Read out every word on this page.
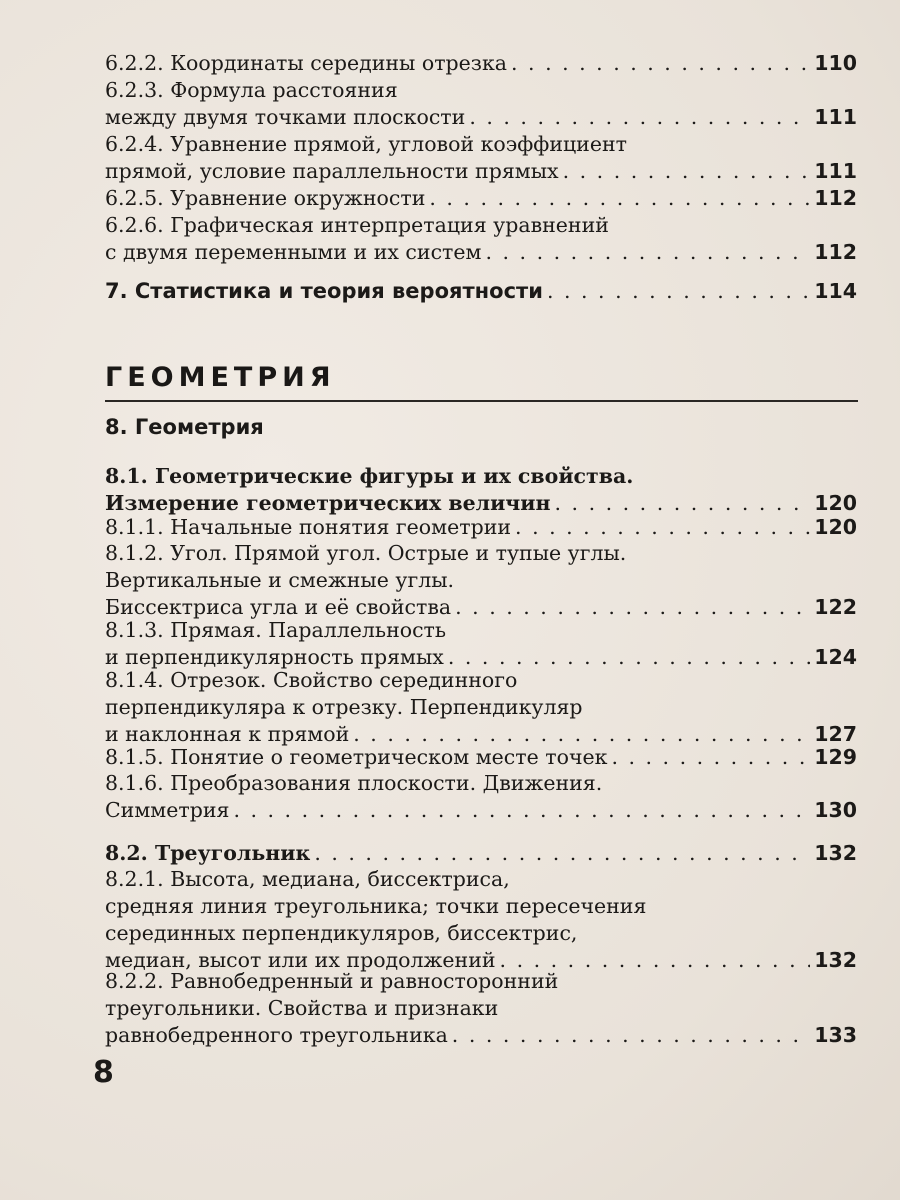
6.2.2. Координаты середины отрезка . . .	110
6.2.3. Формула расстояния
между двумя точками плоскости . . .	111
6.2.4. Уравнение прямой, угловой коэффициент
прямой, условие параллельности прямых . . .	111
6.2.5. Уравнение окружности . . .	112
6.2.6. Графическая интерпретация уравнений
с двумя переменными и их систем . . .	112
7. Статистика и теория вероятности . . .	114
ГЕОМЕТРИЯ
8. Геометрия
8.1. Геометрические фигуры и их свойства.
Измерение геометрических величин . . .	120
8.1.1. Начальные понятия геометрии . . .	120
8.1.2. Угол. Прямой угол. Острые и тупые углы.
Вертикальные и смежные углы.
Биссектриса угла и её свойства . . .	122
8.1.3. Прямая. Параллельность
и перпендикулярность прямых . . .	124
8.1.4. Отрезок. Свойство серединного
перпендикуляра к отрезку. Перпендикуляр
и наклонная к прямой . . .	127
8.1.5. Понятие о геометрическом месте точек . . .	129
8.1.6. Преобразования плоскости. Движения.
Симметрия . . .	130
8.2. Треугольник . . .	132
8.2.1. Высота, медиана, биссектриса,
средняя линия треугольника; точки пересечения
серединных перпендикуляров, биссектрис,
медиан, высот или их продолжений . . .	132
8.2.2. Равнобедренный и равносторонний
треугольники. Свойства и признаки
равнобедренного треугольника . . .	133
8
